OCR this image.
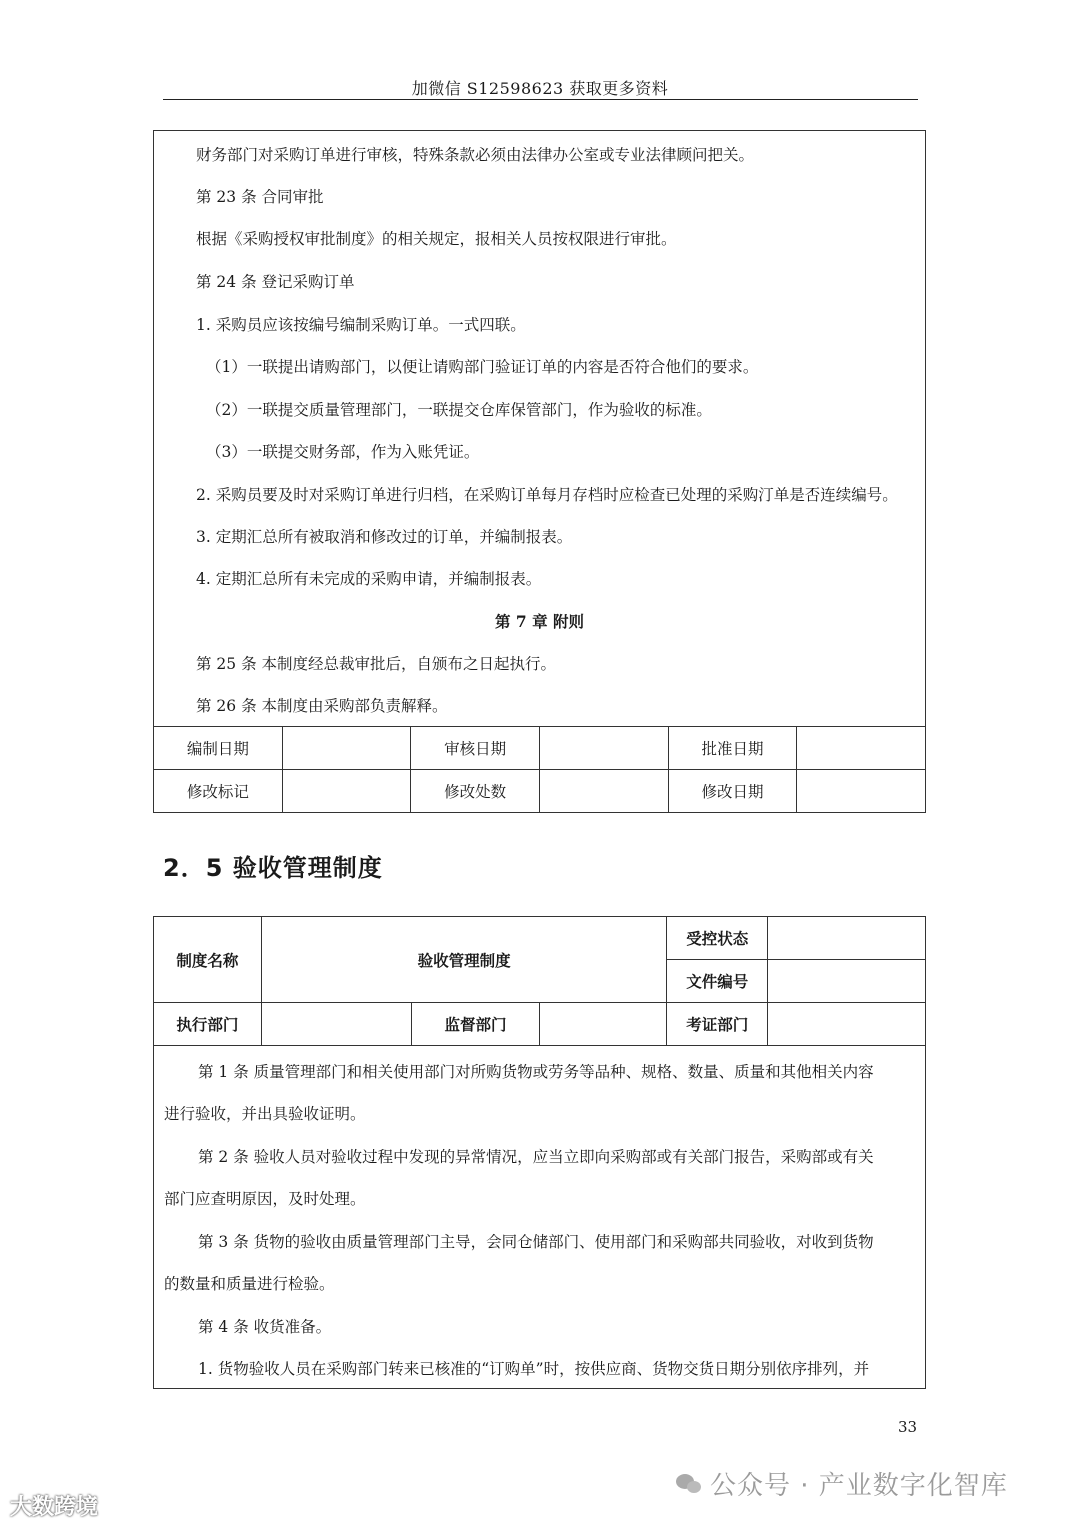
加微信 S12598623 获取更多资料
财务部门对采购订单进行审核，特殊条款必须由法律办公室或专业法律顾问把关。
第 23 条 合同审批
根据《采购授权审批制度》的相关规定，报相关人员按权限进行审批。
第 24 条 登记采购订单
1. 采购员应该按编号编制采购订单。一式四联。
（1）一联提出请购部门，以便让请购部门验证订单的内容是否符合他们的要求。
（2）一联提交质量管理部门，一联提交仓库保管部门，作为验收的标准。
（3）一联提交财务部，作为入账凭证。
2. 采购员要及时对采购订单进行归档，在采购订单每月存档时应检查已处理的采购汀单是否连续编号。
3. 定期汇总所有被取消和修改过的订单，并编制报表。
4. 定期汇总所有未完成的采购申请，并编制报表。
第 7 章 附则
第 25 条 本制度经总裁审批后，自颁布之日起执行。
第 26 条 本制度由采购部负责解释。
编制日期		审核日期		批准日期	
修改标记		修改处数		修改日期	
2．5 验收管理制度
制度名称	验收管理制度			受控状态	
				文件编号	
执行部门		监督部门		考证部门	
第 1 条 质量管理部门和相关使用部门对所购货物或劳务等品种、规格、数量、质量和其他相关内容
进行验收，并出具验收证明。
第 2 条 验收人员对验收过程中发现的异常情况，应当立即向采购部或有关部门报告，采购部或有关
部门应查明原因，及时处理。
第 3 条 货物的验收由质量管理部门主导，会同仓储部门、使用部门和采购部共同验收，对收到货物
的数量和质量进行检验。
第 4 条 收货准备。
1. 货物验收人员在采购部门转来已核准的“订购单”时，按供应商、货物交货日期分别依序排列，并
33
公众号 · 产业数字化智库
大数跨境
